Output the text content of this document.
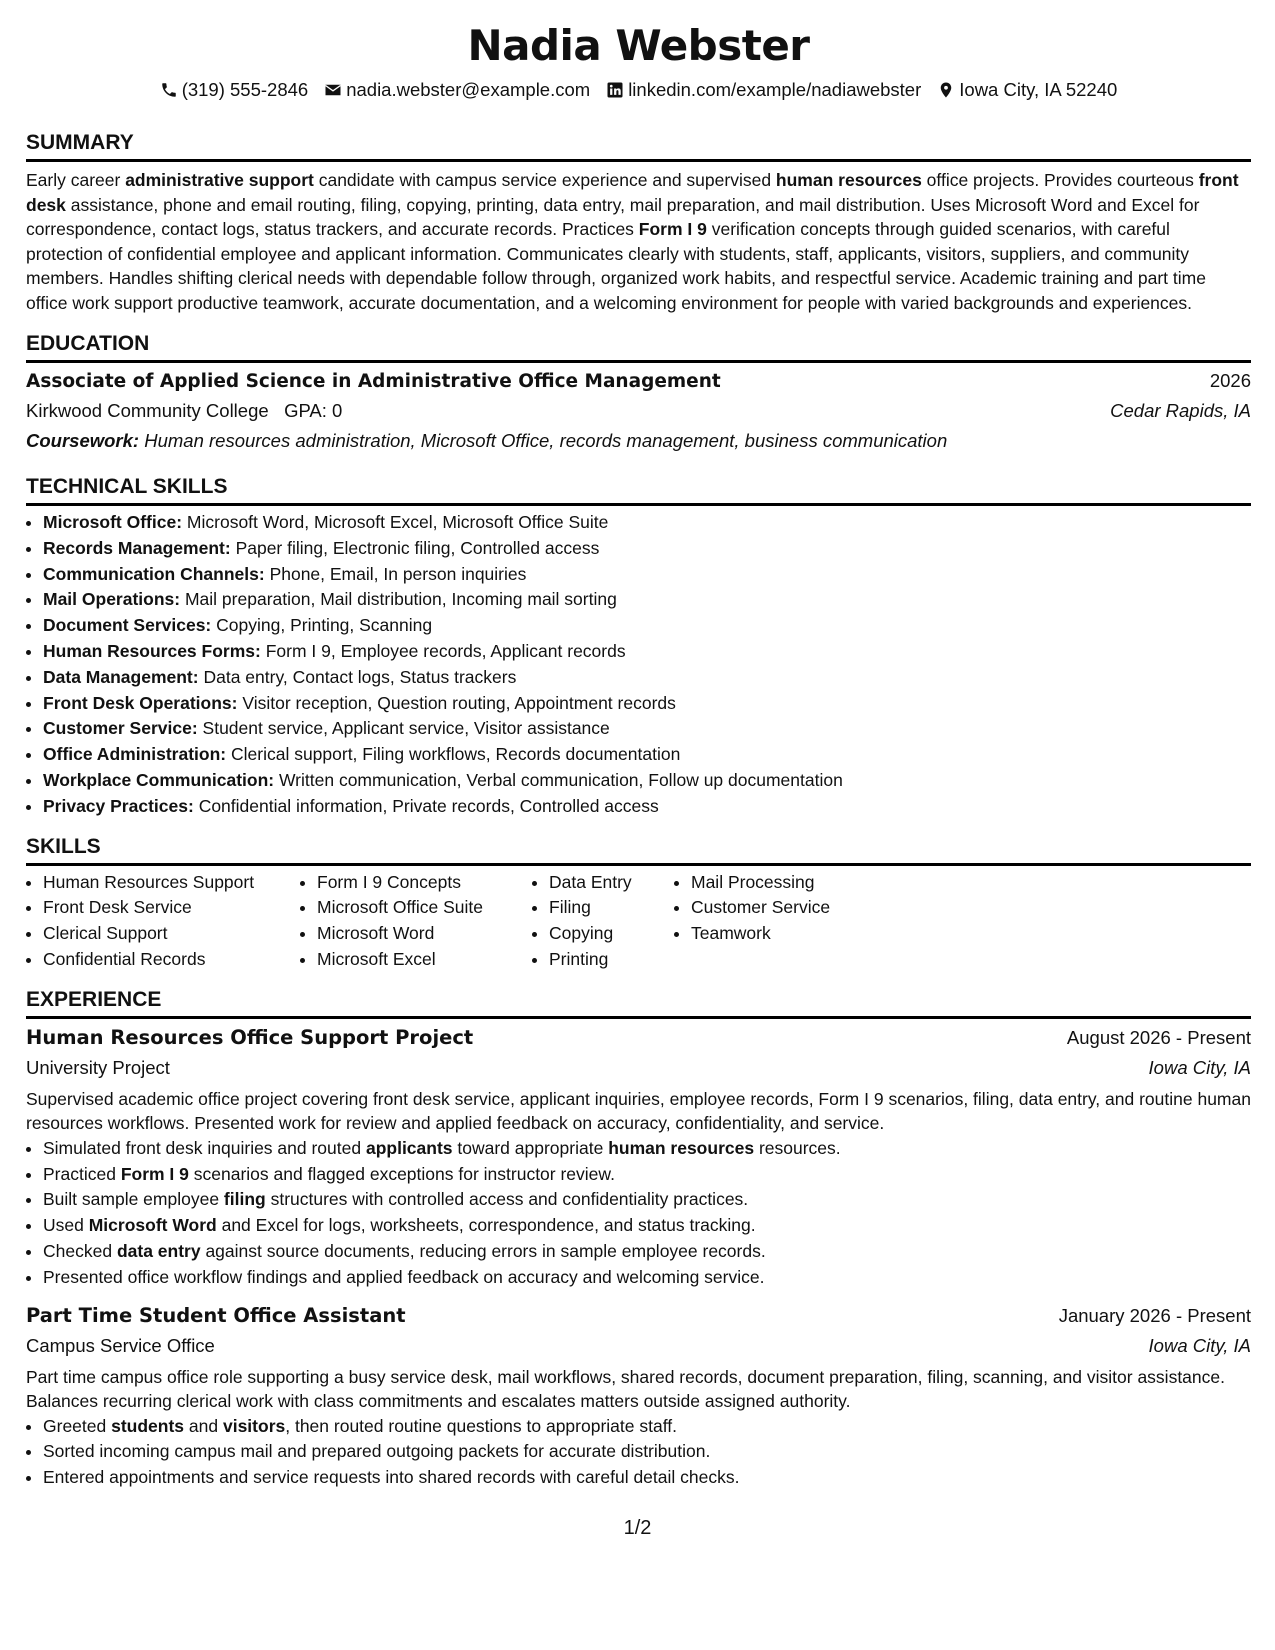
Nadia Webster
(319) 555-2846 nadia.webster@example.com linkedin.com/example/nadiawebster Iowa City, IA 52240
SUMMARY

Early career administrative support candidate with campus service experience and supervised human resources office projects. Provides courteous front desk assistance, phone and email routing, filing, copying, printing, data entry, mail preparation, and mail distribution. Uses Microsoft Word and Excel for correspondence, contact logs, status trackers, and accurate records. Practices Form I 9 verification concepts through guided scenarios, with careful protection of confidential employee and applicant information. Communicates clearly with students, staff, applicants, visitors, suppliers, and community members. Handles shifting clerical needs with dependable follow through, organized work habits, and respectful service. Academic training and part time office work support productive teamwork, accurate documentation, and a welcoming environment for people with varied backgrounds and experiences.

EDUCATION
Associate of Applied Science in Administrative Office Management	2026
Kirkwood Community College GPA: 0	Cedar Rapids, IA
Coursework: Human resources administration, Microsoft Office, records management, business communication
TECHNICAL SKILLS
• Microsoft Office: Microsoft Word, Microsoft Excel, Microsoft Office Suite
• Records Management: Paper filing, Electronic filing, Controlled access
• Communication Channels: Phone, Email, In person inquiries
• Mail Operations: Mail preparation, Mail distribution, Incoming mail sorting
• Document Services: Copying, Printing, Scanning
• Human Resources Forms: Form I 9, Employee records, Applicant records
• Data Management: Data entry, Contact logs, Status trackers
• Front Desk Operations: Visitor reception, Question routing, Appointment records
• Customer Service: Student service, Applicant service, Visitor assistance
• Office Administration: Clerical support, Filing workflows, Records documentation
• Workplace Communication: Written communication, Verbal communication, Follow up documentation
• Privacy Practices: Confidential information, Private records, Controlled access
SKILLS
• Human Resources Support
• Front Desk Service
• Clerical Support
• Confidential Records
• Form I 9 Concepts
• Microsoft Office Suite
• Microsoft Word
• Microsoft Excel
• Data Entry
• Filing
• Copying
• Printing
• Mail Processing
• Customer Service
• Teamwork
EXPERIENCE
Human Resources Office Support Project	August 2026 - Present
University Project	Iowa City, IA

Supervised academic office project covering front desk service, applicant inquiries, employee records, Form I 9 scenarios, filing, data entry, and routine human resources workflows. Presented work for review and applied feedback on accuracy, confidentiality, and service.

• Simulated front desk inquiries and routed applicants toward appropriate human resources resources.
• Practiced Form I 9 scenarios and flagged exceptions for instructor review.
• Built sample employee filing structures with controlled access and confidentiality practices.
• Used Microsoft Word and Excel for logs, worksheets, correspondence, and status tracking.
• Checked data entry against source documents, reducing errors in sample employee records.
• Presented office workflow findings and applied feedback on accuracy and welcoming service.
Part Time Student Office Assistant	January 2026 - Present
Campus Service Office	Iowa City, IA

Part time campus office role supporting a busy service desk, mail workflows, shared records, document preparation, filing, scanning, and visitor assistance. Balances recurring clerical work with class commitments and escalates matters outside assigned authority.

• Greeted students and visitors, then routed routine questions to appropriate staff.
• Sorted incoming campus mail and prepared outgoing packets for accurate distribution.
• Entered appointments and service requests into shared records with careful detail checks.
1/2
